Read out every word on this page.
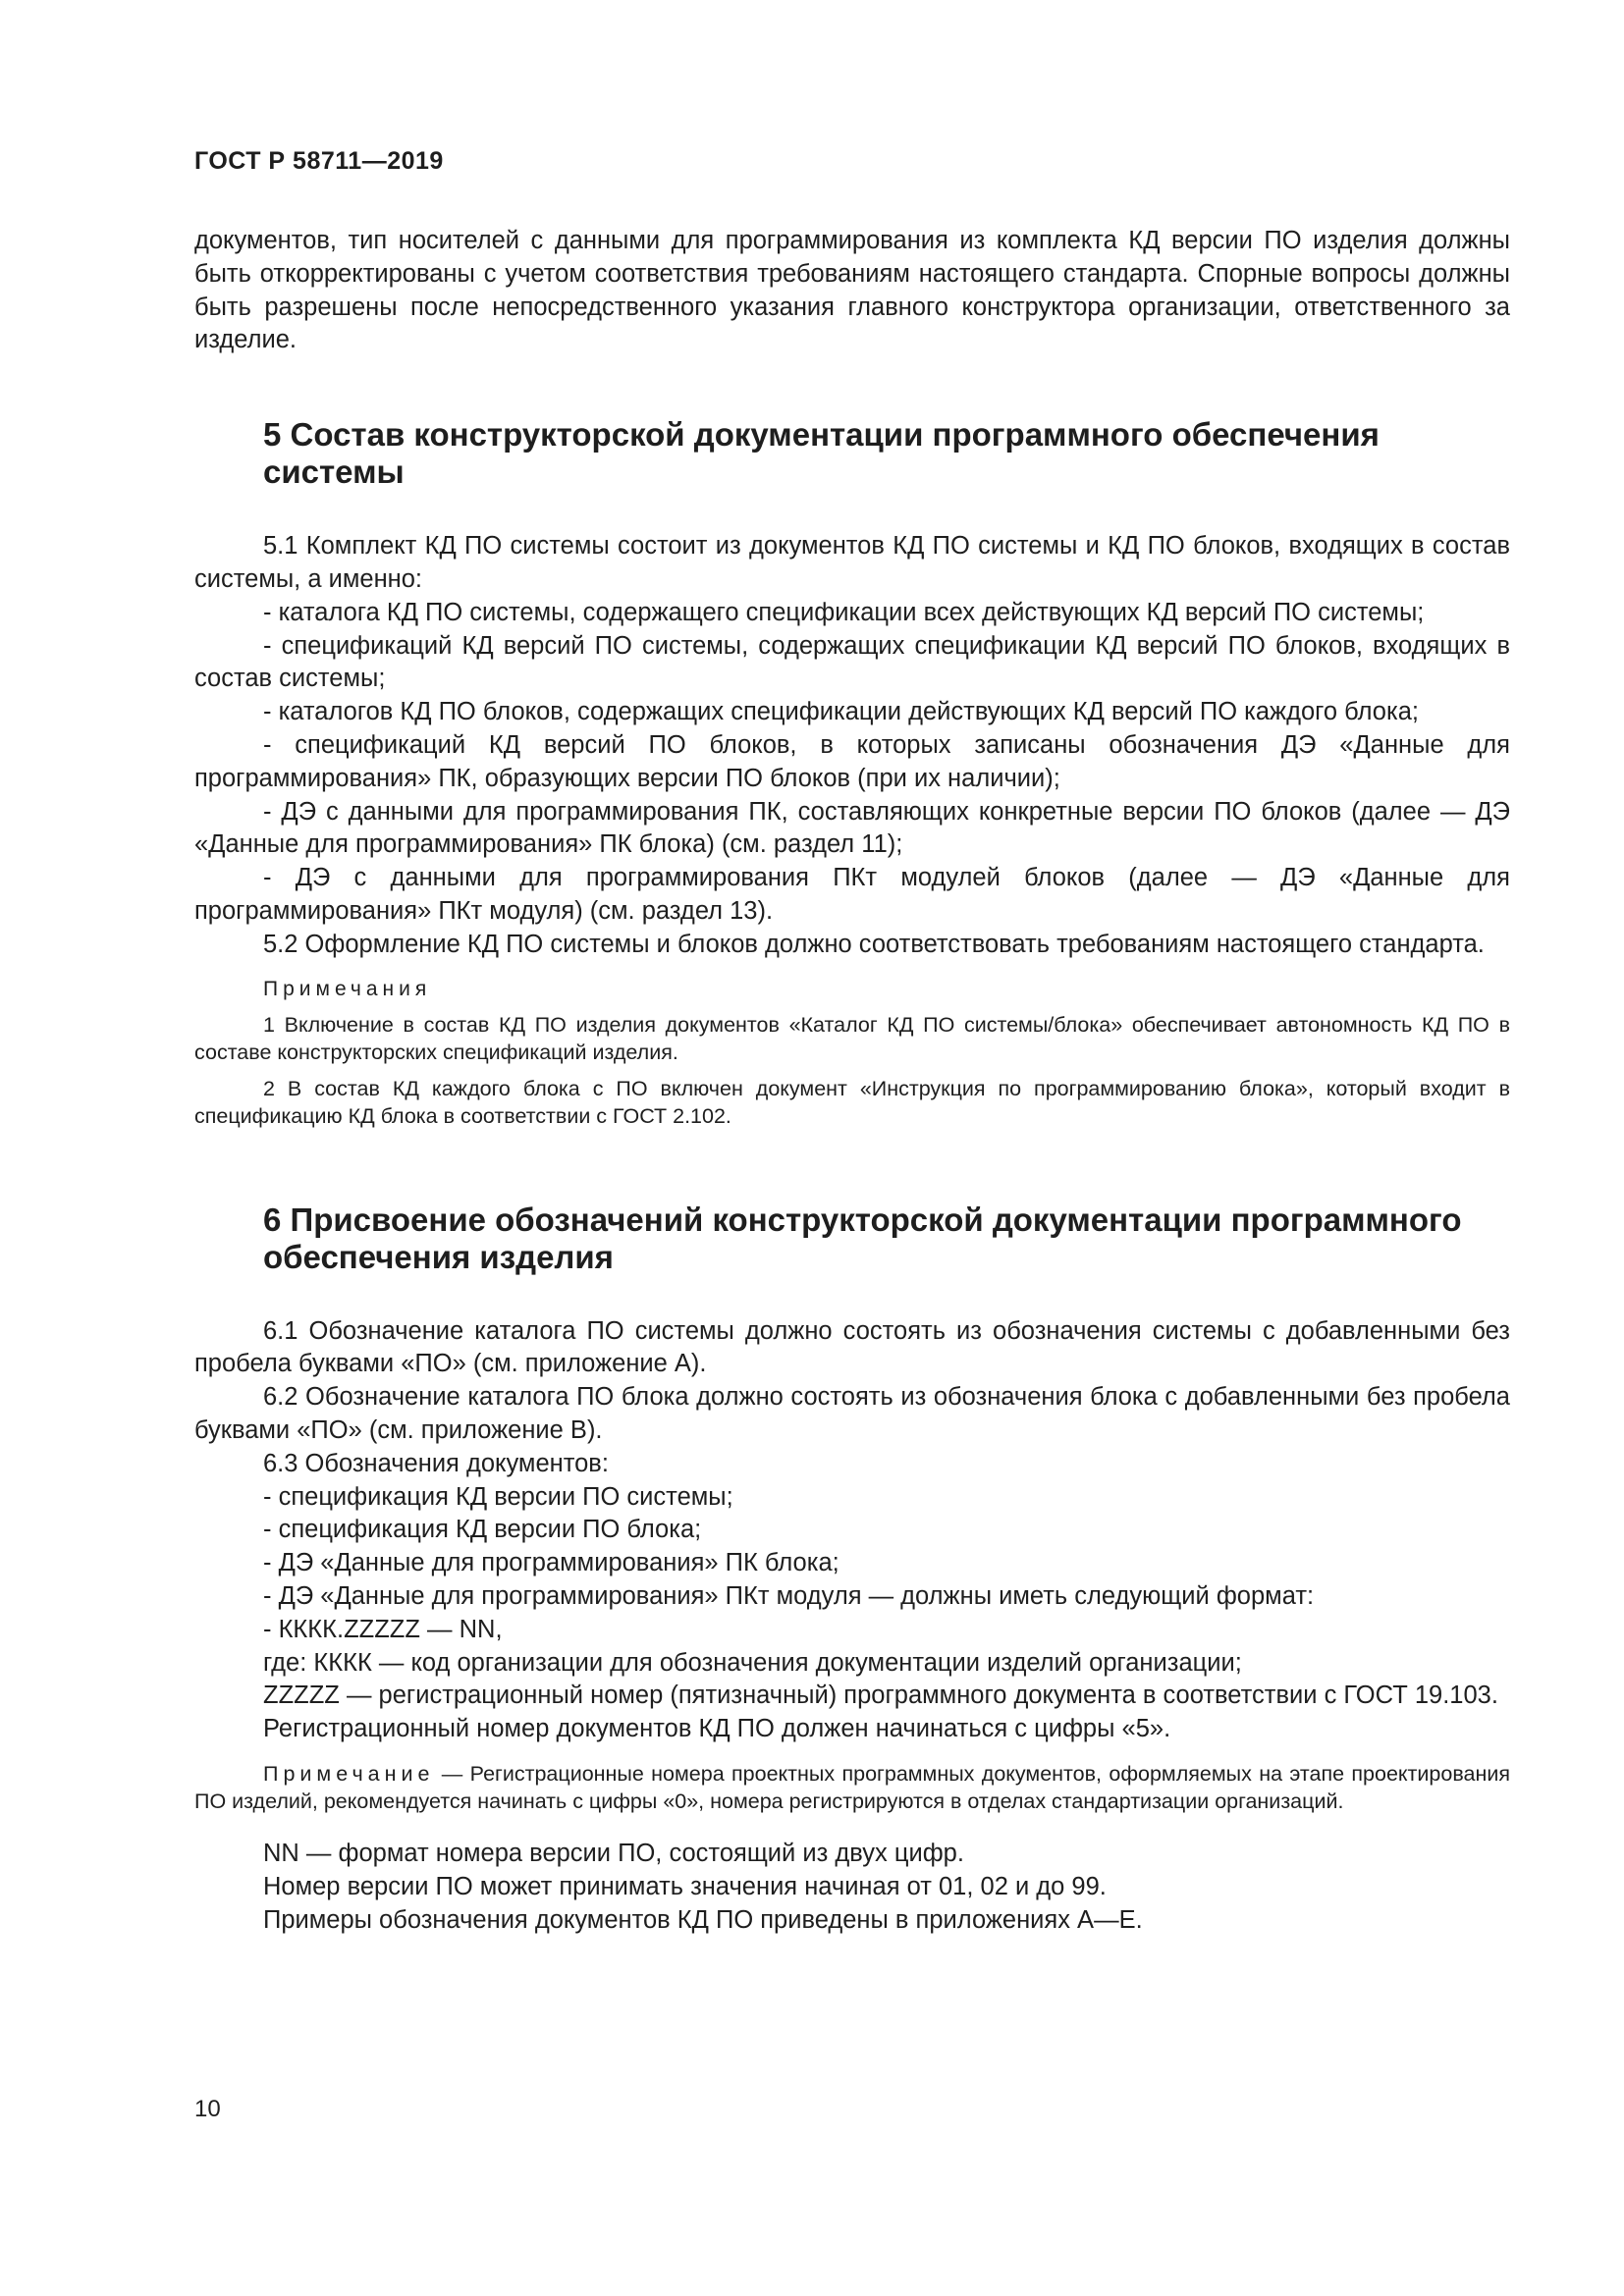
ГОСТ Р 58711—2019

документов, тип носителей с данными для программирования из комплекта КД версии ПО изделия должны быть откорректированы с учетом соответствия требованиям настоящего стандарта. Спорные вопросы должны быть разрешены после непосредственного указания главного конструктора организации, ответственного за изделие.

5 Состав конструкторской документации программного обеспечения системы

5.1 Комплект КД ПО системы состоит из документов КД ПО системы и КД ПО блоков, входящих в состав системы, а именно:

- каталога КД ПО системы, содержащего спецификации всех действующих КД версий ПО системы;

- спецификаций КД версий ПО системы, содержащих спецификации КД версий ПО блоков, входящих в состав системы;

- каталогов КД ПО блоков, содержащих спецификации действующих КД версий ПО каждого блока;

- спецификаций КД версий ПО блоков, в которых записаны обозначения ДЭ «Данные для программирования» ПК, образующих версии ПО блоков (при их наличии);

- ДЭ с данными для программирования ПК, составляющих конкретные версии ПО блоков (далее — ДЭ «Данные для программирования» ПК блока) (см. раздел 11);

- ДЭ с данными для программирования ПКт модулей блоков (далее — ДЭ «Данные для программирования» ПКт модуля) (см. раздел 13).

5.2 Оформление КД ПО системы и блоков должно соответствовать требованиям настоящего стандарта.

Примечания

1 Включение в состав КД ПО изделия документов «Каталог КД ПО системы/блока» обеспечивает автономность КД ПО в составе конструкторских спецификаций изделия.

2 В состав КД каждого блока с ПО включен документ «Инструкция по программированию блока», который входит в спецификацию КД блока в соответствии с ГОСТ 2.102.

6 Присвоение обозначений конструкторской документации программного обеспечения изделия

6.1 Обозначение каталога ПО системы должно состоять из обозначения системы с добавленными без пробела буквами «ПО» (см. приложение А).

6.2 Обозначение каталога ПО блока должно состоять из обозначения блока с добавленными без пробела буквами «ПО» (см. приложение В).

6.3 Обозначения документов:

- спецификация КД версии ПО системы;

- спецификация КД версии ПО блока;

- ДЭ «Данные для программирования» ПК блока;

- ДЭ «Данные для программирования» ПКт модуля — должны иметь следующий формат:

- КККК.ZZZZZ — NN,

где: КККК — код организации для обозначения документации изделий организации;

ZZZZZ — регистрационный номер (пятизначный) программного документа в соответствии с ГОСТ 19.103.

Регистрационный номер документов КД ПО должен начинаться с цифры «5».

Примечание — Регистрационные номера проектных программных документов, оформляемых на этапе проектирования ПО изделий, рекомендуется начинать с цифры «0», номера регистрируются в отделах стандартизации организаций.

NN — формат номера версии ПО, состоящий из двух цифр.

Номер версии ПО может принимать значения начиная от 01, 02 и до 99.

Примеры обозначения документов КД ПО приведены в приложениях А—Е.

10
